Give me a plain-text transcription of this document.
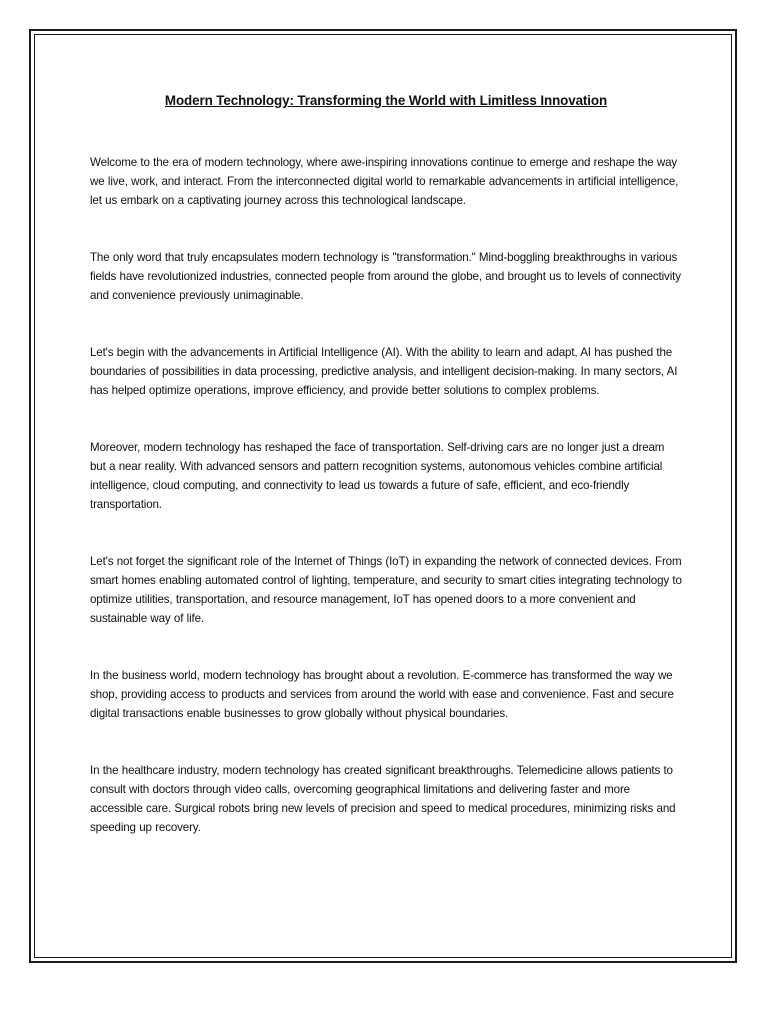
Modern Technology: Transforming the World with Limitless Innovation

Welcome to the era of modern technology, where awe-inspiring innovations continue to emerge and reshape the way we live, work, and interact. From the interconnected digital world to remarkable advancements in artificial intelligence, let us embark on a captivating journey across this technological landscape.

The only word that truly encapsulates modern technology is "transformation." Mind-boggling breakthroughs in various fields have revolutionized industries, connected people from around the globe, and brought us to levels of connectivity and convenience previously unimaginable.

Let's begin with the advancements in Artificial Intelligence (AI). With the ability to learn and adapt, AI has pushed the boundaries of possibilities in data processing, predictive analysis, and intelligent decision-making. In many sectors, AI has helped optimize operations, improve efficiency, and provide better solutions to complex problems.

Moreover, modern technology has reshaped the face of transportation. Self-driving cars are no longer just a dream but a near reality. With advanced sensors and pattern recognition systems, autonomous vehicles combine artificial intelligence, cloud computing, and connectivity to lead us towards a future of safe, efficient, and eco-friendly transportation.

Let's not forget the significant role of the Internet of Things (IoT) in expanding the network of connected devices. From smart homes enabling automated control of lighting, temperature, and security to smart cities integrating technology to optimize utilities, transportation, and resource management, IoT has opened doors to a more convenient and sustainable way of life.

In the business world, modern technology has brought about a revolution. E-commerce has transformed the way we shop, providing access to products and services from around the world with ease and convenience. Fast and secure digital transactions enable businesses to grow globally without physical boundaries.

In the healthcare industry, modern technology has created significant breakthroughs. Telemedicine allows patients to consult with doctors through video calls, overcoming geographical limitations and delivering faster and more accessible care. Surgical robots bring new levels of precision and speed to medical procedures, minimizing risks and speeding up recovery.
